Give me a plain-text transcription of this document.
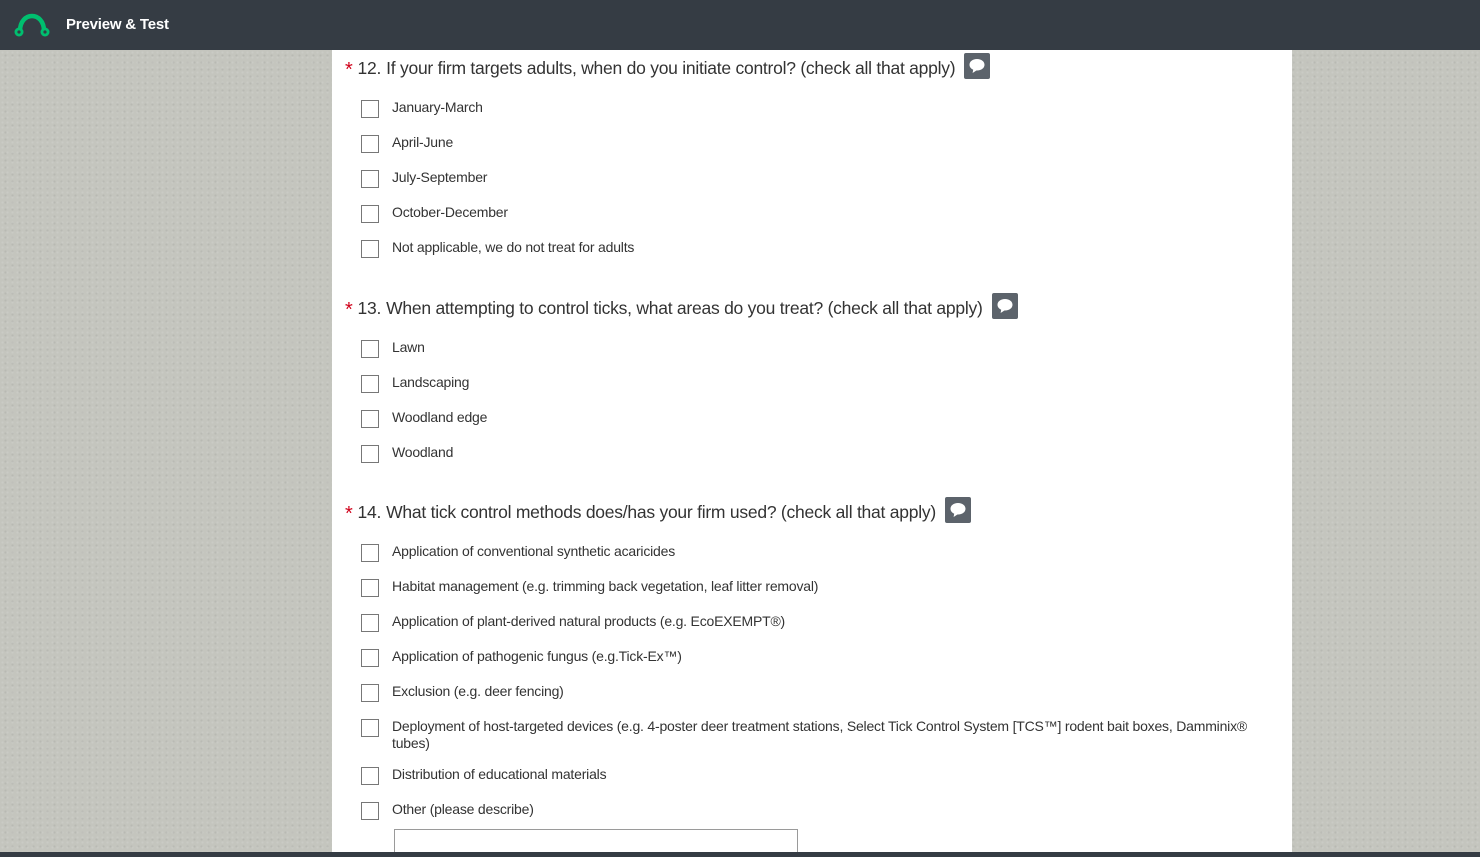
Preview & Test
* 12. If your firm targets adults, when do you initiate control? (check all that apply)
January-March
April-June
July-September
October-December
Not applicable, we do not treat for adults
* 13. When attempting to control ticks, what areas do you treat? (check all that apply)
Lawn
Landscaping
Woodland edge
Woodland
* 14. What tick control methods does/has your firm used? (check all that apply)
Application of conventional synthetic acaricides
Habitat management (e.g. trimming back vegetation, leaf litter removal)
Application of plant-derived natural products (e.g. EcoEXEMPT®)
Application of pathogenic fungus (e.g.Tick-Ex™)
Exclusion (e.g. deer fencing)
Deployment of host-targeted devices (e.g. 4-poster deer treatment stations, Select Tick Control System [TCS™] rodent bait boxes, Damminix® tubes)
Distribution of educational materials
Other (please describe)
